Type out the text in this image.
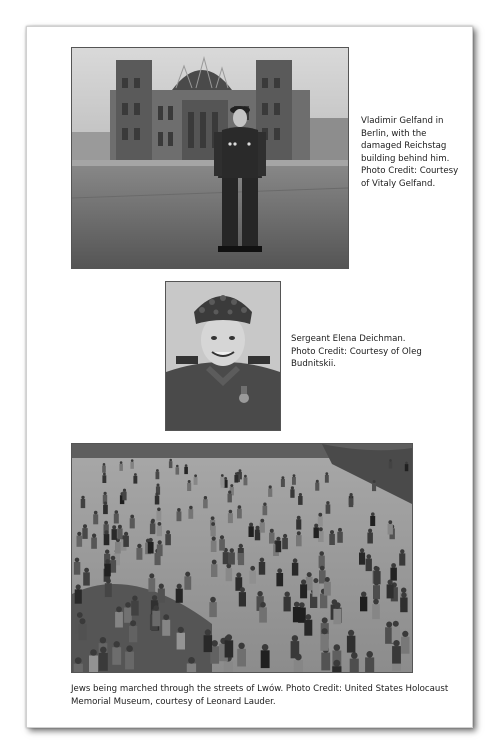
Vladimir Gelfand in
Berlin, with the
damaged Reichstag
building behind him.
Photo Credit: Courtesy
of Vitaly Gelfand.
Sergeant Elena Deichman.
Photo Credit: Courtesy of Oleg
Budnitskii.
Jews being marched through the streets of Lwów. Photo Credit: United States Holocaust
Memorial Museum, courtesy of Leonard Lauder.
